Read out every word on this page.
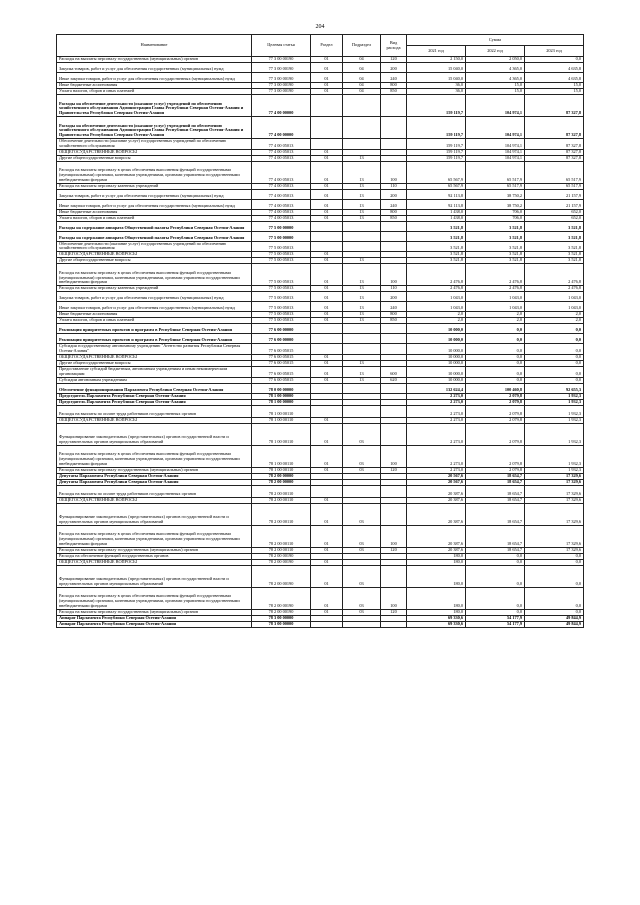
204
Наименование	Целевая статья	Раздел	Подраздел	Вид расхода	Сумма		
					2021 год	2022 год	2023 год
Расходы на выплаты персоналу государственных (муниципальных) органов	77 3 00 00190	01	04	120	2 150,0	2 050,0	0,0
Закупка товаров, работ и услуг для обеспечения государственных (муниципальных) нужд	77 3 00 00190	01	04	200	15 040,0	4 365,0	4 635,8
Иные закупки товаров, работ и услуг для обеспечения государственных (муниципальных) нужд	77 3 00 00190	01	04	240	15 040,0	4 365,0	4 635,8
Иные бюджетные ассигнования	77 3 00 00190	01	04	800	36,0	15,0	15,0
Уплата налогов, сборов и иных платежей	77 3 00 00190	01	04	850	36,0	15,0	15,0
Расходы на обеспечение деятельности (оказание услуг) учреждений по обеспечению хозяйственного обслуживания Администрации Главы Республики Северная Осетия-Алания и Правительства Республики Северная Осетия-Алания	77 4 00 00000				159 119,7	104 974,1	87 327,8
Расходы на обеспечение деятельности (оказание услуг) учреждений по обеспечению хозяйственного обслуживания Администрации Главы Республики Северная Осетия-Алания и Правительства Республики Северная Осетия-Алания	77 4 00 00000				159 119,7	104 974,1	87 327,8
Обеспечение деятельности (оказание услуг) государственных учреждений по обеспечению хозяйственного обслуживания	77 4 00 05013				159 119,7	104 974,1	87 327,8
ОБЩЕГОСУДАРСТВЕННЫЕ ВОПРОСЫ	77 4 00 05013	01			159 119,7	104 974,1	87 327,8
Другие общегосударственные вопросы	77 4 00 05013	01	13		159 119,7	104 974,1	87 327,8
Расходы на выплаты персоналу в целях обеспечения выполнения функций государственными (муниципальными) органами, казенными учреждениями, органами управления государственными внебюджетными фондами	77 4 00 05013	01	13	100	65 567,9	65 517,9	65 517,9
Расходы на выплаты персоналу казенных учреждений	77 4 00 05013	01	13	110	65 567,9	65 517,9	65 517,9
Закупка товаров, работ и услуг для обеспечения государственных (муниципальных) нужд	77 4 00 05013	01	13	200	92 113,8	38 750,2	21 157,9
Иные закупки товаров, работ и услуг для обеспечения государственных (муниципальных) нужд	77 4 00 05013	01	13	240	92 113,8	38 750,2	21 157,9
Иные бюджетные ассигнования	77 4 00 05013	01	13	800	1 438,0	706,0	652,0
Уплата налогов, сборов и иных платежей	77 4 00 05013	01	13	850	1 438,0	706,0	652,0
Расходы на содержание аппарата Общественной палаты Республики Северная Осетия-Алания	77 5 00 00000				3 521,8	3 521,8	3 521,8
Расходы на содержание аппарата Общественной палаты Республики Северная Осетия-Алания	77 5 00 00000				3 521,8	3 521,8	3 521,8
Обеспечение деятельности (оказание услуг) государственных учреждений по обеспечению хозяйственного обслуживания	77 5 00 05013				3 521,8	3 521,8	3 521,8
ОБЩЕГОСУДАРСТВЕННЫЕ ВОПРОСЫ	77 5 00 05013	01			3 521,8	3 521,8	3 521,8
Другие общегосударственные вопросы	77 5 00 05013	01	13		3 521,8	3 521,8	3 521,8
Расходы на выплаты персоналу в целях обеспечения выполнения функций государственными (муниципальными) органами, казенными учреждениями, органами управления государственными внебюджетными фондами	77 5 00 05013	01	13	100	2 476,8	2 476,8	2 476,8
Расходы на выплаты персоналу казенных учреждений	77 5 00 05013	01	13	110	2 476,8	2 476,8	2 476,8
Закупка товаров, работ и услуг для обеспечения государственных (муниципальных) нужд	77 5 00 05013	01	13	200	1 043,0	1 043,0	1 043,0
Иные закупки товаров, работ и услуг для обеспечения государственных (муниципальных) нужд	77 5 00 05013	01	13	240	1 043,0	1 043,0	1 043,0
Иные бюджетные ассигнования	77 5 00 05013	01	13	800	2,0	2,0	2,0
Уплата налогов, сборов и иных платежей	77 5 00 05013	01	13	850	2,0	2,0	2,0
Реализация приоритетных проектов и программ в Республике Северная Осетия-Алания	77 6 00 00000				10 000,0	0,0	0,0
Реализация приоритетных проектов и программ в Республике Северная Осетия-Алания	77 6 00 00000				10 000,0	0,0	0,0
Субсидия государственному автономному учреждению "Агентство развития Республики Северная Осетия-Алания"	77 6 00 05015				10 000,0	0,0	0,0
ОБЩЕГОСУДАРСТВЕННЫЕ ВОПРОСЫ	77 6 00 05015	01			10 000,0	0,0	0,0
Другие общегосударственные вопросы	77 6 00 05015	01	13		10 000,0	0,0	0,0
Предоставление субсидий бюджетным, автономным учреждениям и иным некоммерческим организациям	77 6 00 05015	01	13	600	10 000,0	0,0	0,0
Субсидии автономным учреждениям	77 6 00 05015	01	13	620	10 000,0	0,0	0,0
Обеспечение функционирования Парламента Республики Северная Осетия-Алания	78 0 00 00000				132 624,4	100 460,8	92 655,3
Председатель Парламента Республики Северная Осетия-Алания	78 1 00 00000				2 273,0	2 079,8	1 932,3
Председатель Парламента Республики Северная Осетия-Алания	78 1 00 00000				2 273,0	2 079,8	1 932,3
Расходы на выплаты по оплате труда работников государственных органов	78 1 00 00110				2 273,0	2 079,8	1 932,3
ОБЩЕГОСУДАРСТВЕННЫЕ ВОПРОСЫ	78 1 00 00110	01			2 273,0	2 079,8	1 932,3
Функционирование законодательных (представительных) органов государственной власти и представительных органов муниципальных образований	78 1 00 00110	01	03		2 273,0	2 079,8	1 932,3
Расходы на выплаты персоналу в целях обеспечения выполнения функций государственными (муниципальными) органами, казенными учреждениями, органами управления государственными внебюджетными фондами	78 1 00 00110	01	03	100	2 273,0	2 079,8	1 932,3
Расходы на выплаты персоналу государственных (муниципальных) органов	78 1 00 00110	01	03	120	2 273,0	2 079,8	1 932,3
Депутаты Парламента Республики Северная Осетия-Алания	78 2 00 00000				20 567,6	18 654,7	17 329,6
Депутаты Парламента Республики Северная Осетия-Алания	78 2 00 00000				20 567,6	18 654,7	17 329,6
Расходы на выплаты по оплате труда работников государственных органов	78 2 00 00110				20 387,6	18 654,7	17 329,6
ОБЩЕГОСУДАРСТВЕННЫЕ ВОПРОСЫ	78 2 00 00110	01			20 387,6	18 654,7	17 329,6
Функционирование законодательных (представительных) органов государственной власти и представительных органов муниципальных образований	78 2 00 00110	01	03		20 387,6	18 654,7	17 329,6
Расходы на выплаты персоналу в целях обеспечения выполнения функций государственными (муниципальными) органами, казенными учреждениями, органами управления государственными внебюджетными фондами	78 2 00 00110	01	03	100	20 387,6	18 654,7	17 329,6
Расходы на выплаты персоналу государственных (муниципальных) органов	78 2 00 00110	01	03	120	20 387,6	18 654,7	17 329,6
Расходы на обеспечение функций государственных органов	78 2 00 00190				180,0	0,0	0,0
ОБЩЕГОСУДАРСТВЕННЫЕ ВОПРОСЫ	78 2 00 00190	01			180,0	0,0	0,0
Функционирование законодательных (представительных) органов государственной власти и представительных органов муниципальных образований	78 2 00 00190	01	03		180,0	0,0	0,0
Расходы на выплаты персоналу в целях обеспечения выполнения функций государственными (муниципальными) органами, казенными учреждениями, органами управления государственными внебюджетными фондами	78 2 00 00190	01	03	100	180,0	0,0	0,0
Расходы на выплаты персоналу государственных (муниципальных) органов	78 2 00 00190	01	03	120	180,0	0,0	0,0
Аппарат Парламента Республики Северная Осетия-Алания	78 3 00 00000				69 330,6	54 177,9	49 844,9
Аппарат Парламента Республики Северная Осетия-Алания	78 3 00 00000				69 330,6	54 177,9	49 844,9
